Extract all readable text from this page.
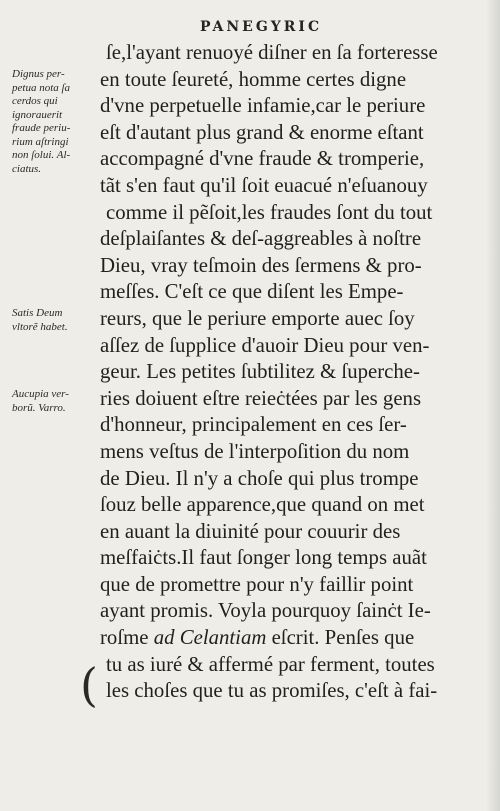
PANEGYRIC
Dignus per-
petua nota ſa
cerdos qui
ignorauerit
fraude periu-
rium aſtringi
non ſolui. Al-
ciatus.
Satis Deum
vltorẽ habet.
Aucupia ver-
borũ. Varro.
ſe,l'ayant renuoyé diſner en ſa forteresse
en toute ſeureté, homme certes digne
d'vne perpetuelle infamie,car le periure
eſt d'autant plus grand & enorme eſtant
accompagné d'vne fraude & tromperie,
tãt s'en faut qu'il ſoit euacué n'eſuanouy
comme il pẽſoit,les fraudes ſont du tout
deſplaiſantes & deſ-aggreables à noſtre
Dieu, vray teſmoin des ſermens & pro-
meſſes. C'eſt ce que diſent les Empe-
reurs, que le periure emporte auec ſoy
aſſez de ſupplice d'auoir Dieu pour ven-
geur. Les petites ſubtilitez & ſuperche-
ries doiuent eſtre reieċtées par les gens
d'honneur, principalement en ces ſer-
mens veſtus de l'interpoſition du nom
de Dieu. Il n'y a choſe qui plus trompe
ſouz belle apparence,que quand on met
en auant la diuinité pour couurir des
meſfaiċts.Il faut ſonger long temps auãt
que de promettre pour n'y faillir point
ayant promis. Voyla pourquoy ſainċt Ie-
roſme ad Celantiam eſcrit. Penſes que
tu as iuré & affermé par ferment, toutes
les choſes que tu as promiſes, c'eſt à fai-
(
